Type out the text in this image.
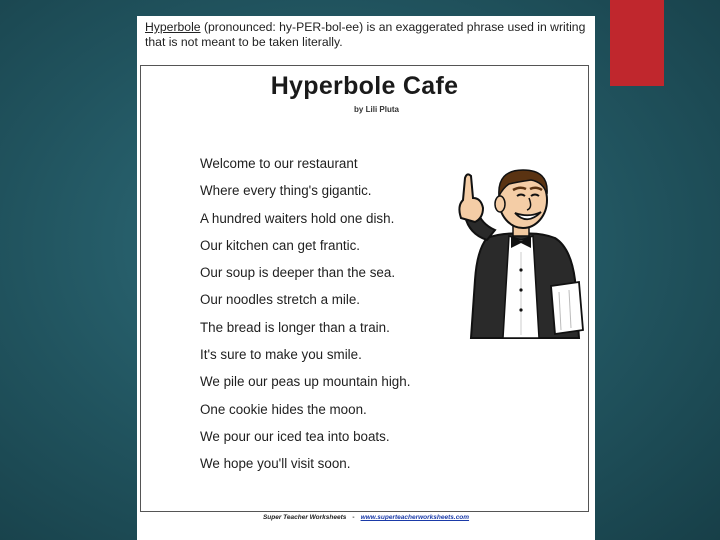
Hyperbole (pronounced: hy-PER-bol-ee) is an exaggerated phrase used in writing that is not meant to be taken literally.
Hyperbole Cafe
by Lili Pluta
Welcome to our restaurant
Where every thing's gigantic.
A hundred waiters hold one dish.
Our kitchen can get frantic.
Our soup is deeper than the sea.
Our noodles stretch a mile.
The bread is longer than a train.
It's sure to make you smile.
We pile our peas up mountain high.
One cookie hides the moon.
We pour our iced tea into boats.
We hope you'll visit soon.
Super Teacher Worksheets - www.superteacherworksheets.com
